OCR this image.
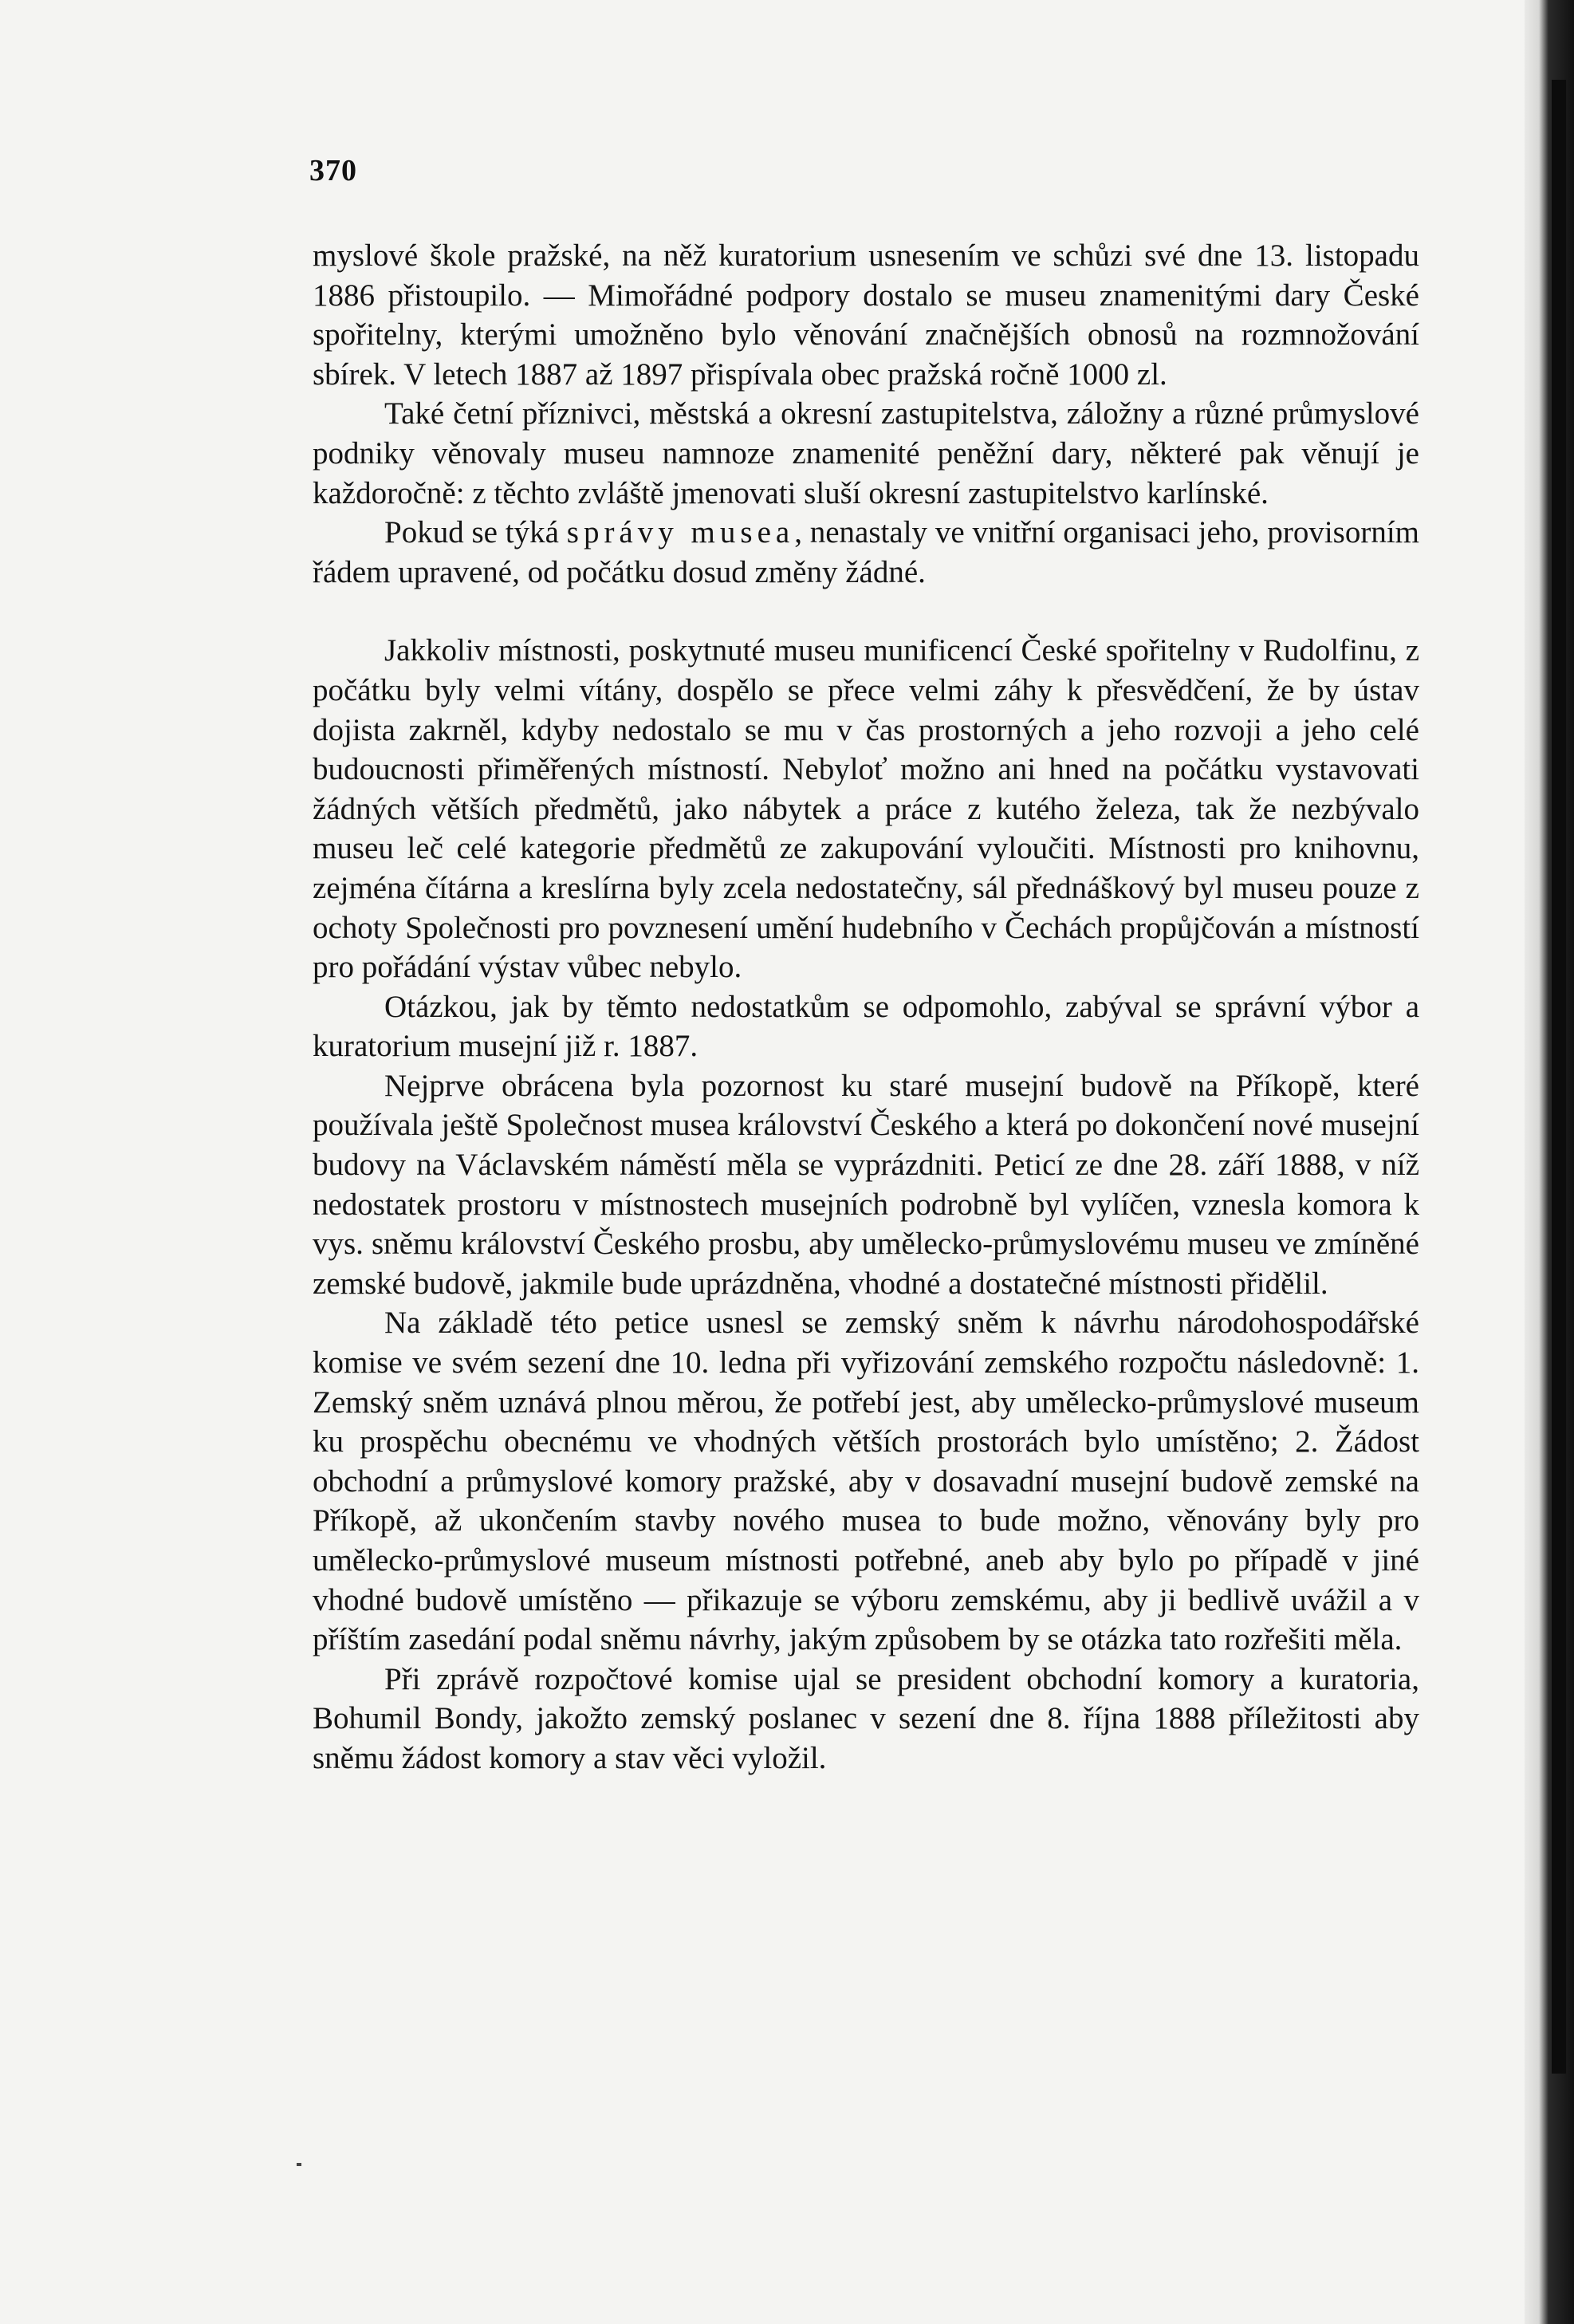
370

myslové škole pražské, na něž kuratorium usnesením ve schůzi své dne 13. listopadu 1886 přistoupilo. — Mimořádné podpory dostalo se museu znamenitými dary České spořitelny, kterými umožněno bylo věnování značnějších obnosů na rozmnožování sbírek. V letech 1887 až 1897 přispívala obec pražská ročně 1000 zl.

Také četní příznivci, městská a okresní zastupitelstva, záložny a různé průmyslové podniky věnovaly museu namnoze znamenité peněžní dary, některé pak věnují je každoročně: z těchto zvláště jmenovati sluší okresní zastupitelstvo karlínské.

Pokud se týká správy musea, nenastaly ve vnitřní organisaci jeho, provisorním řádem upravené, od počátku dosud změny žádné.

Jakkoliv místnosti, poskytnuté museu munificencí České spořitelny v Rudolfinu, z počátku byly velmi vítány, dospělo se přece velmi záhy k přesvědčení, že by ústav dojista zakrněl, kdyby nedostalo se mu v čas prostorných a jeho rozvoji a jeho celé budoucnosti přiměřených místností. Nebyloť možno ani hned na počátku vystavovati žádných větších předmětů, jako nábytek a práce z kutého železa, tak že nezbývalo museu leč celé kategorie předmětů ze zakupování vyloučiti. Místnosti pro knihovnu, zejména čítárna a kreslírna byly zcela nedostatečny, sál přednáškový byl museu pouze z ochoty Společnosti pro povznesení umění hudebního v Čechách propůjčován a místností pro pořádání výstav vůbec nebylo.

Otázkou, jak by těmto nedostatkům se odpomohlo, zabýval se správní výbor a kuratorium musejní již r. 1887.

Nejprve obrácena byla pozornost ku staré musejní budově na Příkopě, které používala ještě Společnost musea království Českého a která po dokončení nové musejní budovy na Václavském náměstí měla se vyprázdniti. Peticí ze dne 28. září 1888, v níž nedostatek prostoru v místnostech musejních podrobně byl vylíčen, vznesla komora k vys. sněmu království Českého prosbu, aby umělecko-průmyslovému museu ve zmíněné zemské budově, jakmile bude uprázdněna, vhodné a dostatečné místnosti přidělil.

Na základě této petice usnesl se zemský sněm k návrhu národohospodářské komise ve svém sezení dne 10. ledna při vyřizování zemského rozpočtu následovně: 1. Zemský sněm uznává plnou měrou, že potřebí jest, aby umělecko-průmyslové museum ku prospěchu obecnému ve vhodných větších prostorách bylo umístěno; 2. Žádost obchodní a průmyslové komory pražské, aby v dosavadní musejní budově zemské na Příkopě, až ukončením stavby nového musea to bude možno, věnovány byly pro umělecko-průmyslové museum místnosti potřebné, aneb aby bylo po případě v jiné vhodné budově umístěno — přikazuje se výboru zemskému, aby ji bedlivě uvážil a v příštím zasedání podal sněmu návrhy, jakým způsobem by se otázka tato rozřešiti měla.

Při zprávě rozpočtové komise ujal se president obchodní komory a kuratoria, Bohumil Bondy, jakožto zemský poslanec v sezení dne 8. října 1888 příležitosti aby sněmu žádost komory a stav věci vyložil.
